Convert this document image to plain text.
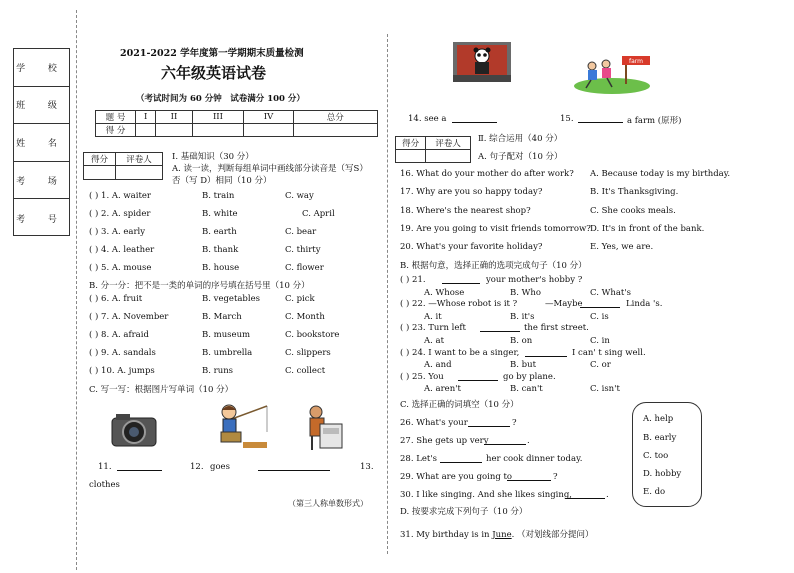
学 校
班 级
姓 名
考 场
考 号
2021-2022 学年度第一学期期末质量检测
六年级英语试卷
（考试时间为 60 分钟　试卷满分 100 分）
题 号	I	II	III	IV	总分
得 分					
得分	评卷人
	Ⅰ. 基础知识（30 分）
A. 读一读，判断每组单词中画线部分读音是（写S）
否（写 D）相同（10 分）
( ) 1. A. waiter	B. train	C. way
( ) 2. A. spider	B. white	C. April
( ) 3. A. early	B. earth	C. bear
( ) 4. A. leather	B. thank	C. thirty
( ) 5. A. mouse	B. house	C. flower
B. 分一分：把不是一类的单词的序号填在括号里（10 分）
( ) 6. A. fruit	B. vegetables	C. pick
( ) 7. A. November	B. March	C. Month
( ) 8. A. afraid	B. museum	C. bookstore
( ) 9. A. sandals	B. umbrella	C. slippers
( ) 10. A. jumps	B. runs	C. collect
C. 写一写：根据图片写单词（10 分）
11.	12. goes	13.
clothes
（第三人称单数形式）
farm
14. see a	15.	a farm (原形)
得分	评卷人
	Ⅱ. 综合运用（40 分）
A. 句子配对（10 分）
16. What do your mother do after work? A. Because today is my birthday.
17. Why are you so happy today?	B. It's Thanksgiving.
18. Where's the nearest shop?	C. She cooks meals.
19. Are you going to visit friends tomorrow? D. It's in front of the bank.
20. What's your favorite holiday?	E. Yes, we are.
B. 根据句意，选择正确的选项完成句子（10 分）
( ) 21.	your mother's hobby ?
A. Whose	B. Who	C. What's
( ) 22. —Whose robot is it ?	—Maybe	Linda 's.
A. it	B. it's	C. is
( ) 23. Turn left	the first street.
A. at	B. on	C. in
( ) 24. I want to be a singer,	I can' t sing well.
A. and	B. but	C. or
( ) 25. You	go by plane.
A. aren't	B. can't	C. isn't
C. 选择正确的词填空（10 分）
26. What's your	?
27. She gets up very	.
28. Let's	her cook dinner today.
29. What are you going to	?
30. I like singing. And she likes singing,	.
A. help
B. early
C. too
D. hobby
E. do
D. 按要求完成下列句子（10 分）
31. My birthday is in June. （对划线部分提问）
